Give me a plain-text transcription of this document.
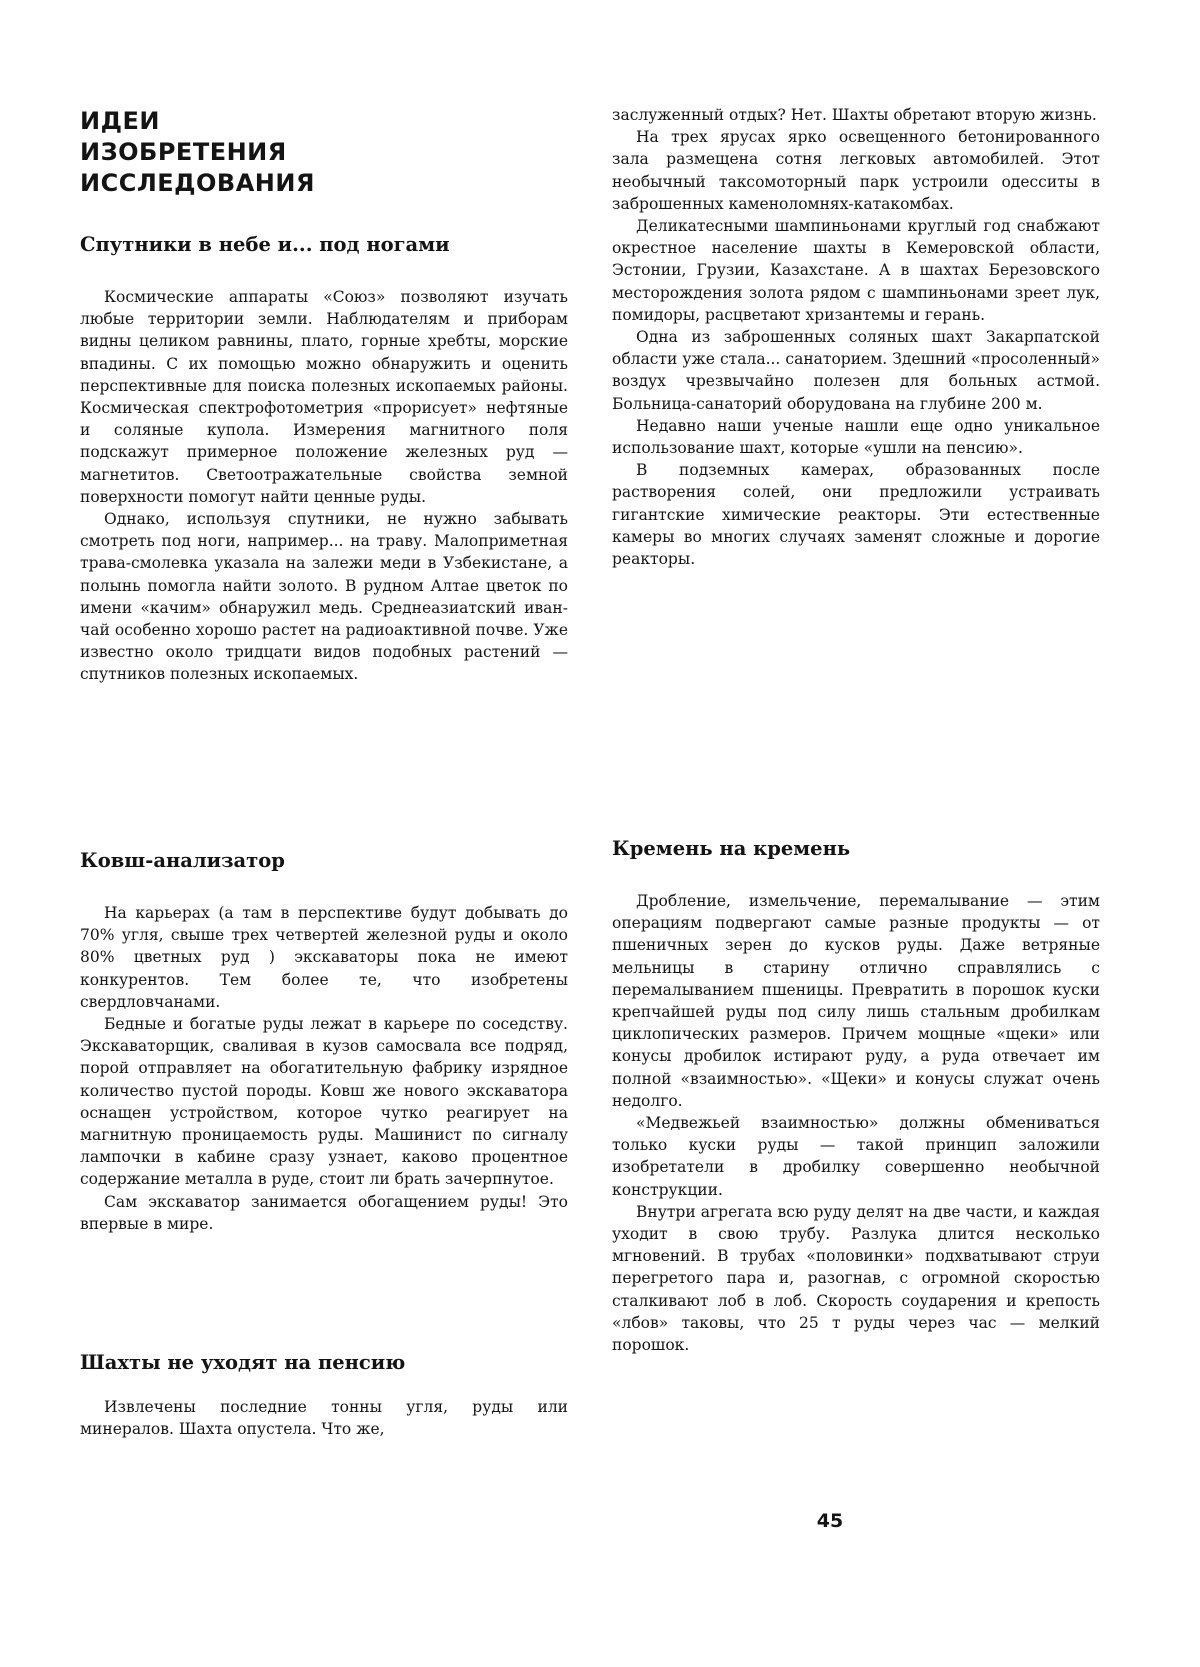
ИДЕИ
ИЗОБРЕТЕНИЯ
ИССЛЕДОВАНИЯ
Спутники в небе и... под ногами

Космические аппараты «Союз» позволяют изучать любые территории земли. Наблюдателям и приборам видны целиком равнины, плато, горные хребты, морские впадины. С их помощью можно обнаружить и оценить перспективные для поиска полезных ископаемых районы. Космическая спектрофотометрия «прорисует» нефтяные и соляные купола. Измерения магнитного поля подскажут примерное положение железных руд — магнетитов. Светоотражательные свойства земной поверхности помогут найти ценные руды.

Однако, используя спутники, не нужно забывать смотреть под ноги, например... на траву. Малоприметная трава-смолевка указала на залежи меди в Узбекистане, а полынь помогла найти золото. В рудном Алтае цветок по имени «качим» обнаружил медь. Среднеазиатский иван-чай особенно хорошо растет на радиоактивной почве. Уже известно около тридцати видов подобных растений — спутников полезных ископаемых.

Ковш-анализатор

На карьерах (а там в перспективе будут добывать до 70% угля, свыше трех четвертей железной руды и около 80% цветных руд ) экскаваторы пока не имеют конкурентов. Тем более те, что изобретены свердловчанами.

Бедные и богатые руды лежат в карьере по соседству. Экскаваторщик, сваливая в кузов самосвала все подряд, порой отправляет на обогатительную фабрику изрядное количество пустой породы. Ковш же нового экскаватора оснащен устройством, которое чутко реагирует на магнитную проницаемость руды. Машинист по сигналу лампочки в кабине сразу узнает, каково процентное содержание металла в руде, стоит ли брать зачерпнутое.

Сам экскаватор занимается обогащением руды! Это впервые в мире.

Шахты не уходят на пенсию

Извлечены последние тонны угля, руды или минералов. Шахта опустела. Что же,

заслуженный отдых? Нет. Шахты обретают вторую жизнь.

На трех ярусах ярко освещенного бетонированного зала размещена сотня легковых автомобилей. Этот необычный таксомоторный парк устроили одесситы в заброшенных каменоломнях-катакомбах.

Деликатесными шампиньонами круглый год снабжают окрестное население шахты в Кемеровской области, Эстонии, Грузии, Казахстане. А в шахтах Березовского месторождения золота рядом с шампиньонами зреет лук, помидоры, расцветают хризантемы и герань.

Одна из заброшенных соляных шахт Закарпатской области уже стала... санаторием. Здешний «просоленный» воздух чрезвычайно полезен для больных астмой. Больница-санаторий оборудована на глубине 200 м.

Недавно наши ученые нашли еще одно уникальное использование шахт, которые «ушли на пенсию».

В подземных камерах, образованных после растворения солей, они предложили устраивать гигантские химические реакторы. Эти естественные камеры во многих случаях заменят сложные и дорогие реакторы.

Кремень на кремень

Дробление, измельчение, перемалывание — этим операциям подвергают самые разные продукты — от пшеничных зерен до кусков руды. Даже ветряные мельницы в старину отлично справлялись с перемалыванием пшеницы. Превратить в порошок куски крепчайшей руды под силу лишь стальным дробилкам циклопических размеров. Причем мощные «щеки» или конусы дробилок истирают руду, а руда отвечает им полной «взаимностью». «Щеки» и конусы служат очень недолго.

«Медвежьей взаимностью» должны обмениваться только куски руды — такой принцип заложили изобретатели в дробилку совершенно необычной конструкции.

Внутри агрегата всю руду делят на две части, и каждая уходит в свою трубу. Разлука длится несколько мгновений. В трубах «половинки» подхватывают струи перегретого пара и, разогнав, с огромной скоростью сталкивают лоб в лоб. Скорость соударения и крепость «лбов» таковы, что 25 т руды через час — мелкий порошок.

45
